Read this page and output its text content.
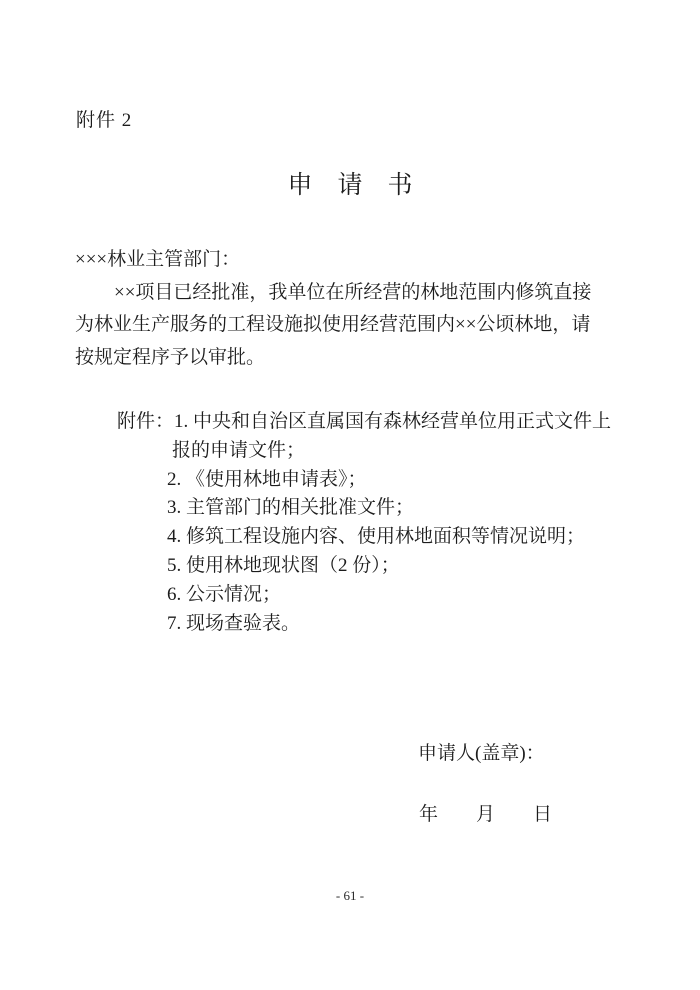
附件 2
申　请　书
×××林业主管部门：
××项目已经批准，我单位在所经营的林地范围内修筑直接
为林业生产服务的工程设施拟使用经营范围内××公顷林地，请
按规定程序予以审批。
附件：1. 中央和自治区直属国有森林经营单位用正式文件上
报的申请文件；
2. 《使用林地申请表》；
3. 主管部门的相关批准文件；
4. 修筑工程设施内容、使用林地面积等情况说明；
5. 使用林地现状图（2 份）；
6. 公示情况；
7. 现场查验表。
申请人(盖章)：
年　　月　　日
- 61 -
